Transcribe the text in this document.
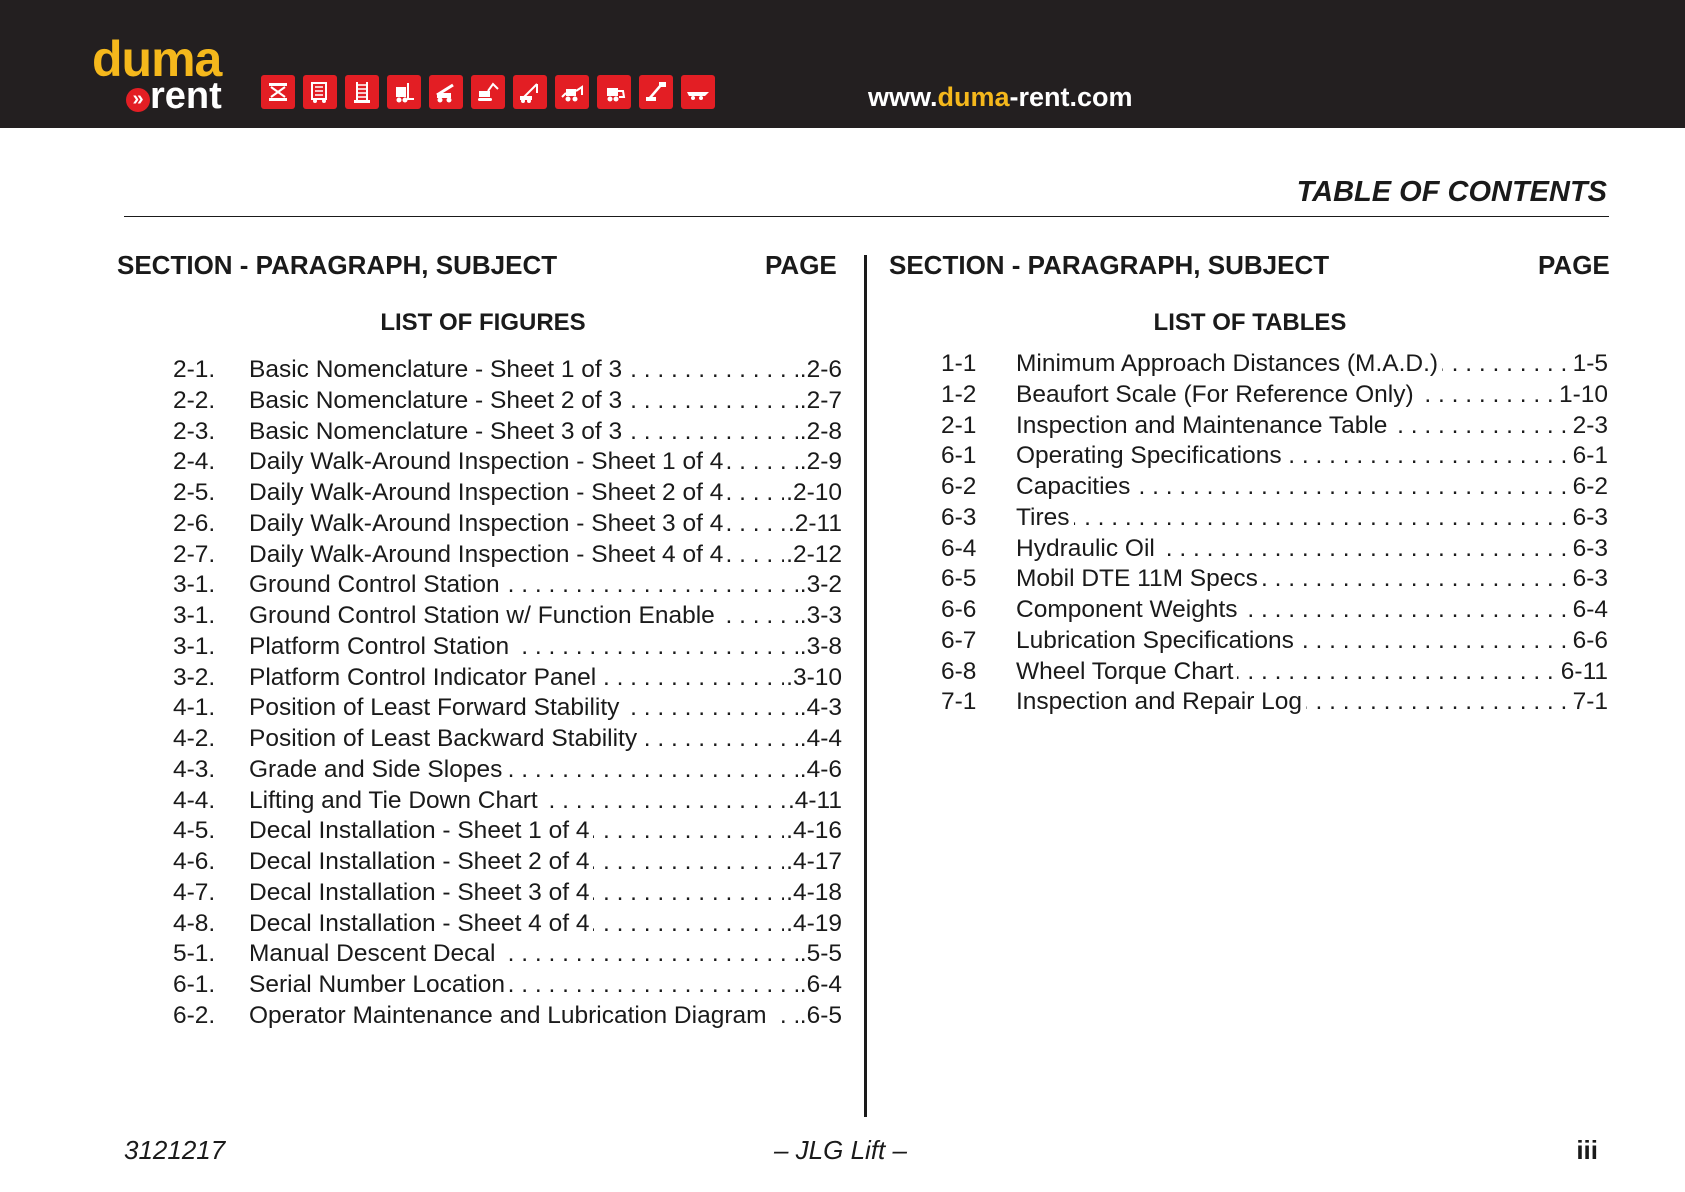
duma
» rent	www.duma-rent.com
TABLE OF CONTENTS
SECTION - PARAGRAPH, SUBJECT	PAGE
LIST OF FIGURES
2-1. Basic Nomenclature - Sheet 1 of 3 . . .	.2-6
2-2. Basic Nomenclature - Sheet 2 of 3 . . .	.2-7
2-3. Basic Nomenclature - Sheet 3 of 3 . . .	.2-8
2-4. Daily Walk-Around Inspection - Sheet 1 of 4 . . .	.2-9
2-5. Daily Walk-Around Inspection - Sheet 2 of 4 . . .	.2-10
2-6. Daily Walk-Around Inspection - Sheet 3 of 4 . . .	.2-11
2-7. Daily Walk-Around Inspection - Sheet 4 of 4 . . .	.2-12
3-1. Ground Control Station . . .	.3-2
3-1. Ground Control Station w/ Function Enable . . .	.3-3
3-1. Platform Control Station . . .	.3-8
3-2. Platform Control Indicator Panel . . .	.3-10
4-1. Position of Least Forward Stability . . .	.4-3
4-2. Position of Least Backward Stability . . .	.4-4
4-3. Grade and Side Slopes . . .	.4-6
4-4. Lifting and Tie Down Chart . . .	.4-11
4-5. Decal Installation - Sheet 1 of 4 . . .	.4-16
4-6. Decal Installation - Sheet 2 of 4 . . .	.4-17
4-7. Decal Installation - Sheet 3 of 4 . . .	.4-18
4-8. Decal Installation - Sheet 4 of 4 . . .	.4-19
5-1. Manual Descent Decal . . .	.5-5
6-1. Serial Number Location . . .	.6-4
6-2. Operator Maintenance and Lubrication Diagram . . .	.6-5
SECTION - PARAGRAPH, SUBJECT	PAGE
LIST OF TABLES
1-1 Minimum Approach Distances (M.A.D.) . . .	1-5
1-2 Beaufort Scale (For Reference Only) . . .	1-10
2-1 Inspection and Maintenance Table . . .	2-3
6-1 Operating Specifications . . .	6-1
6-2 Capacities . . .	6-2
6-3 Tires . . .	6-3
6-4 Hydraulic Oil . . .	6-3
6-5 Mobil DTE 11M Specs . . .	6-3
6-6 Component Weights . . .	6-4
6-7 Lubrication Specifications . . .	6-6
6-8 Wheel Torque Chart . . .	6-11
7-1 Inspection and Repair Log . . .	7-1
3121217	– JLG Lift –	iii
